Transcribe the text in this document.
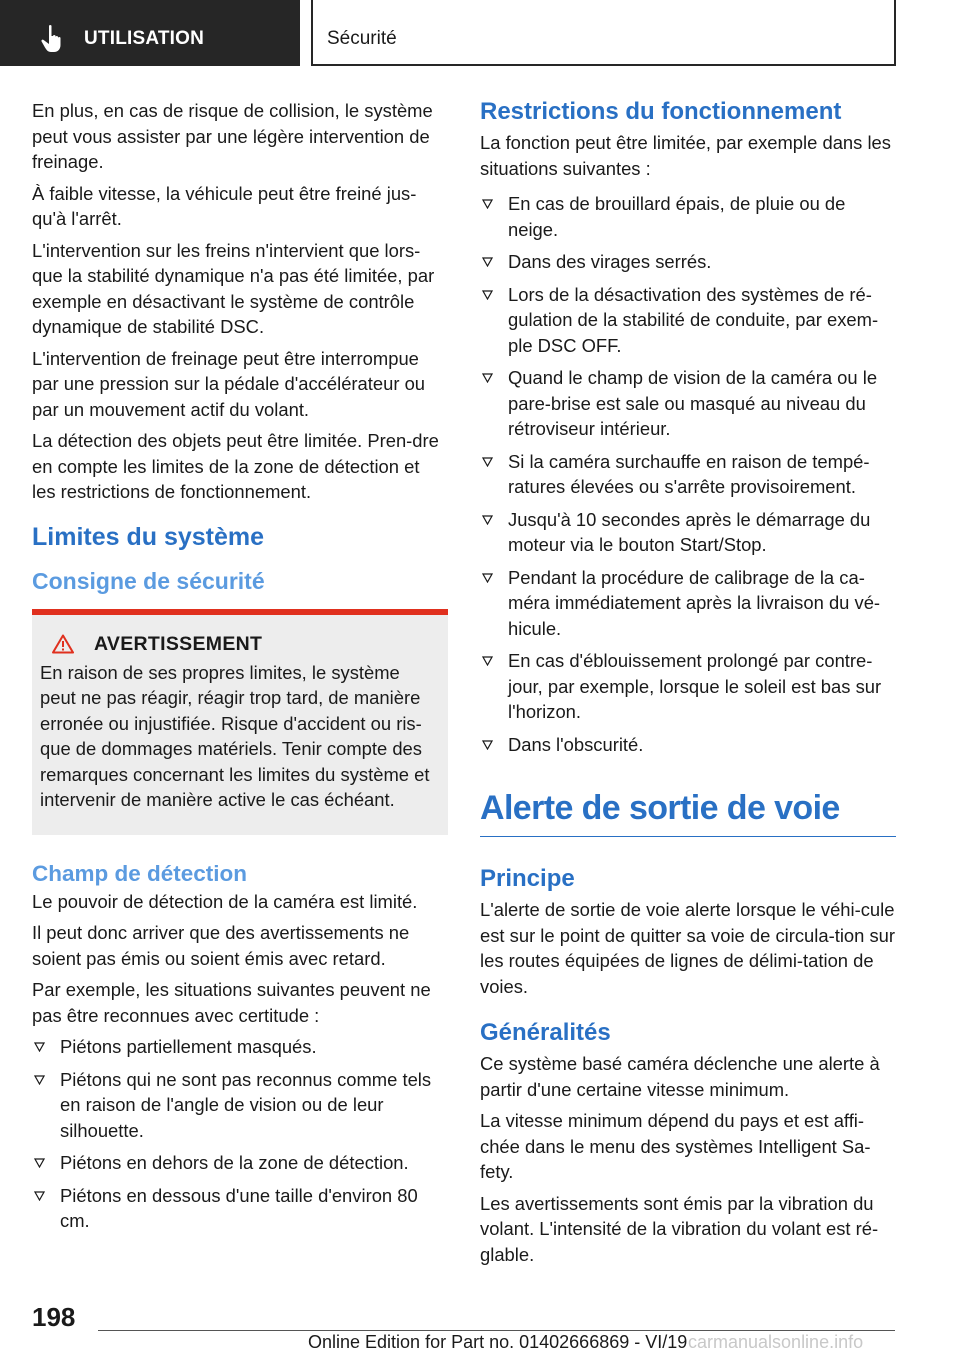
UTILISATION	Sécurité

En plus, en cas de risque de collision, le système peut vous assister par une légère intervention de freinage.

À faible vitesse, la véhicule peut être freiné jus-qu'à l'arrêt.

L'intervention sur les freins n'intervient que lors-que la stabilité dynamique n'a pas été limitée, par exemple en désactivant le système de contrôle dynamique de stabilité DSC.

L'intervention de freinage peut être interrompue par une pression sur la pédale d'accélérateur ou par un mouvement actif du volant.

La détection des objets peut être limitée. Pren-dre en compte les limites de la zone de détection et les restrictions de fonctionnement.

Limites du système
Consigne de sécurité
AVERTISSEMENT
En raison de ses propres limites, le système peut ne pas réagir, réagir trop tard, de manière erronée ou injustifiée. Risque d'accident ou ris-que de dommages matériels. Tenir compte des remarques concernant les limites du système et intervenir de manière active le cas échéant.
Champ de détection

Le pouvoir de détection de la caméra est limité.

Il peut donc arriver que des avertissements ne soient pas émis ou soient émis avec retard.

Par exemple, les situations suivantes peuvent ne pas être reconnues avec certitude :

Piétons partiellement masqués.
Piétons qui ne sont pas reconnus comme tels en raison de l'angle de vision ou de leur silhouette.
Piétons en dehors de la zone de détection.
Piétons en dessous d'une taille d'environ 80 cm.
Restrictions du fonctionnement

La fonction peut être limitée, par exemple dans les situations suivantes :

En cas de brouillard épais, de pluie ou de neige.
Dans des virages serrés.
Lors de la désactivation des systèmes de ré-gulation de la stabilité de conduite, par exem-ple DSC OFF.
Quand le champ de vision de la caméra ou le pare-brise est sale ou masqué au niveau du rétroviseur intérieur.
Si la caméra surchauffe en raison de tempé-ratures élevées ou s'arrête provisoirement.
Jusqu'à 10 secondes après le démarrage du moteur via le bouton Start/Stop.
Pendant la procédure de calibrage de la ca-méra immédiatement après la livraison du vé-hicule.
En cas d'éblouissement prolongé par contre-jour, par exemple, lorsque le soleil est bas sur l'horizon.
Dans l'obscurité.
Alerte de sortie de voie
Principe

L'alerte de sortie de voie alerte lorsque le véhi-cule est sur le point de quitter sa voie de circula-tion sur les routes équipées de lignes de délimi-tation de voies.

Généralités

Ce système basé caméra déclenche une alerte à partir d'une certaine vitesse minimum.

La vitesse minimum dépend du pays et est affi-chée dans le menu des systèmes Intelligent Sa-fety.

Les avertissements sont émis par la vibration du volant. L'intensité de la vibration du volant est ré-glable.

198
Online Edition for Part no. 01402666869 - VI/19 carmanualsonline.info
